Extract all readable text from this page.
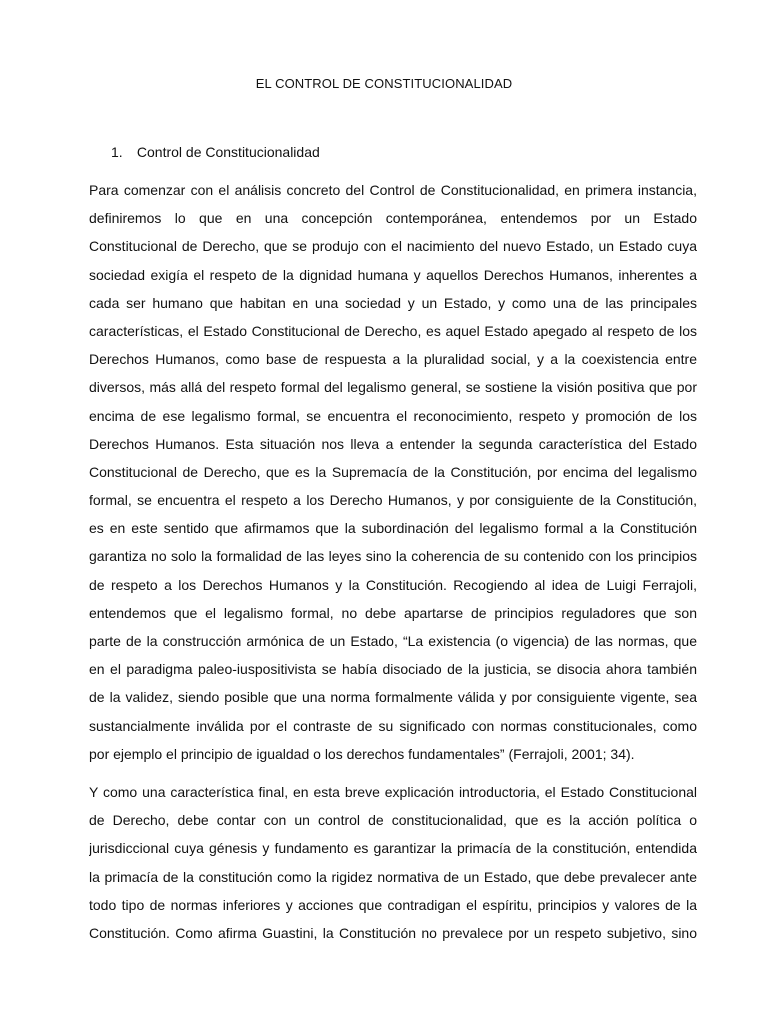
EL CONTROL DE CONSTITUCIONALIDAD
1. Control de Constitucionalidad
Para comenzar con el análisis concreto del Control de Constitucionalidad, en primera instancia,
definiremos lo que en una concepción contemporánea, entendemos por un Estado
Constitucional de Derecho, que se produjo con el nacimiento del nuevo Estado, un Estado cuya
sociedad exigía el respeto de la dignidad humana y aquellos Derechos Humanos, inherentes a
cada ser humano que habitan en una sociedad y un Estado, y como una de las principales
características, el Estado Constitucional de Derecho, es aquel Estado apegado al respeto de los
Derechos Humanos, como base de respuesta a la pluralidad social, y a la coexistencia entre
diversos, más allá del respeto formal del legalismo general, se sostiene la visión positiva que por
encima de ese legalismo formal, se encuentra el reconocimiento, respeto y promoción de los
Derechos Humanos. Esta situación nos lleva a entender la segunda característica del Estado
Constitucional de Derecho, que es la Supremacía de la Constitución, por encima del legalismo
formal, se encuentra el respeto a los Derecho Humanos, y por consiguiente de la Constitución,
es en este sentido que afirmamos que la subordinación del legalismo formal a la Constitución
garantiza no solo la formalidad de las leyes sino la coherencia de su contenido con los principios
de respeto a los Derechos Humanos y la Constitución. Recogiendo al idea de Luigi Ferrajoli,
entendemos que el legalismo formal, no debe apartarse de principios reguladores que son
parte de la construcción armónica de un Estado, “La existencia (o vigencia) de las normas, que
en el paradigma paleo-iuspositivista se había disociado de la justicia, se disocia ahora también
de la validez, siendo posible que una norma formalmente válida y por consiguiente vigente, sea
sustancialmente inválida por el contraste de su significado con normas constitucionales, como
por ejemplo el principio de igualdad o los derechos fundamentales” (Ferrajoli, 2001; 34).
Y como una característica final, en esta breve explicación introductoria, el Estado Constitucional
de Derecho, debe contar con un control de constitucionalidad, que es la acción política o
jurisdiccional cuya génesis y fundamento es garantizar la primacía de la constitución, entendida
la primacía de la constitución como la rigidez normativa de un Estado, que debe prevalecer ante
todo tipo de normas inferiores y acciones que contradigan el espíritu, principios y valores de la
Constitución. Como afirma Guastini, la Constitución no prevalece por un respeto subjetivo, sino
